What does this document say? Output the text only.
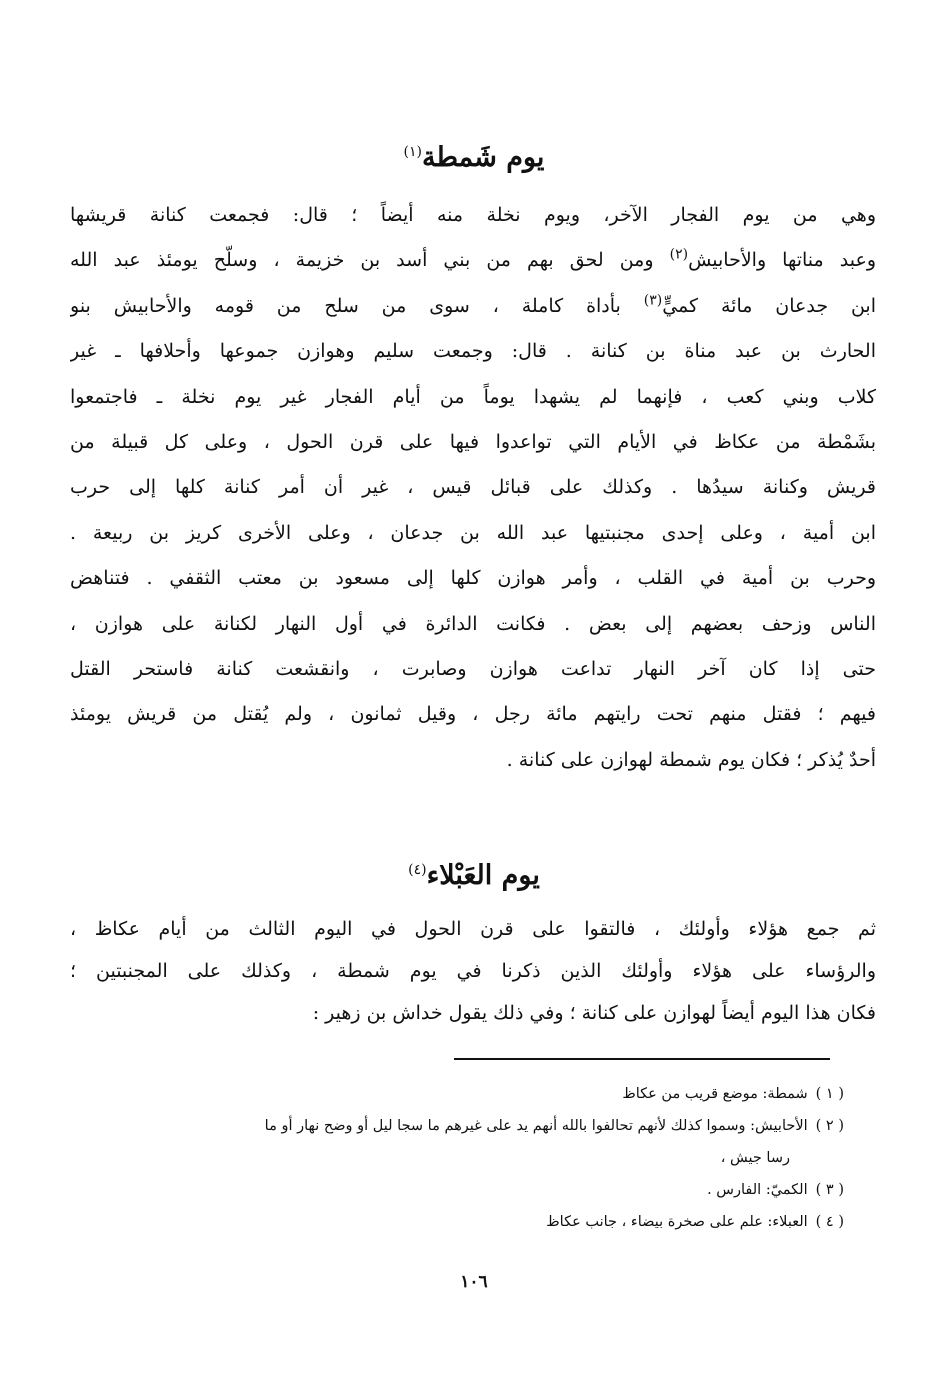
يوم شَمطة$^{(١)}$
وهي من يوم الفجار الآخر، ويوم نخلة منه أيضاً ؛ قال: فجمعت كنانة قريشها
وعبد مناتها والأحابيش$^{(٢)}$ ومن لحق بهم من بني أسد بن خزيمة ، وسلّح يومئذ عبد الله
ابن جدعان مائة كميٍّ$^{(٣)}$ بأداة كاملة ، سوى من سلح من قومه والأحابيش بنو
الحارث بن عبد مناة بن كنانة . قال: وجمعت سليم وهوازن جموعها وأحلافها ـ غير
كلاب وبني كعب ، فإنهما لم يشهدا يوماً من أيام الفجار غير يوم نخلة ـ فاجتمعوا
بشَمْطة من عكاظ في الأيام التي تواعدوا فيها على قرن الحول ، وعلى كل قبيلة من
قريش وكنانة سيدُها . وكذلك على قبائل قيس ، غير أن أمر كنانة كلها إلى حرب
ابن أمية ، وعلى إحدى مجنبتيها عبد الله بن جدعان ، وعلى الأخرى كريز بن ربيعة .
وحرب بن أمية في القلب ، وأمر هوازن كلها إلى مسعود بن معتب الثقفي . فتناهض
الناس وزحف بعضهم إلى بعض . فكانت الدائرة في أول النهار لكنانة على هوازن ،
حتى إذا كان آخر النهار تداعت هوازن وصابرت ، وانقشعت كنانة فاستحر القتل
فيهم ؛ فقتل منهم تحت رايتهم مائة رجل ، وقيل ثمانون ، ولم يُقتل من قريش يومئذ
أحدٌ يُذكر ؛ فكان يوم شمطة لهوازن على كنانة .
يوم العَبْلاء$^{(٤)}$
ثم جمع هؤلاء وأولئك ، فالتقوا على قرن الحول في اليوم الثالث من أيام عكاظ ،
والرؤساء على هؤلاء وأولئك الذين ذكرنا في يوم شمطة ، وكذلك على المجنبتين ؛
فكان هذا اليوم أيضاً لهوازن على كنانة ؛ وفي ذلك يقول خداش بن زهير :
( ١ )شمطة: موضع قريب من عكاظ
( ٢ )الأحابيش: وسموا كذلك لأنهم تحالفوا بالله أنهم يد على غيرهم ما سجا ليل أو وضح نهار أو ما
رسا جيش ،
( ٣ )الكميّ: الفارس .
( ٤ )العبلاء: علم على صخرة بيضاء ، جانب عكاظ
١٠٦
